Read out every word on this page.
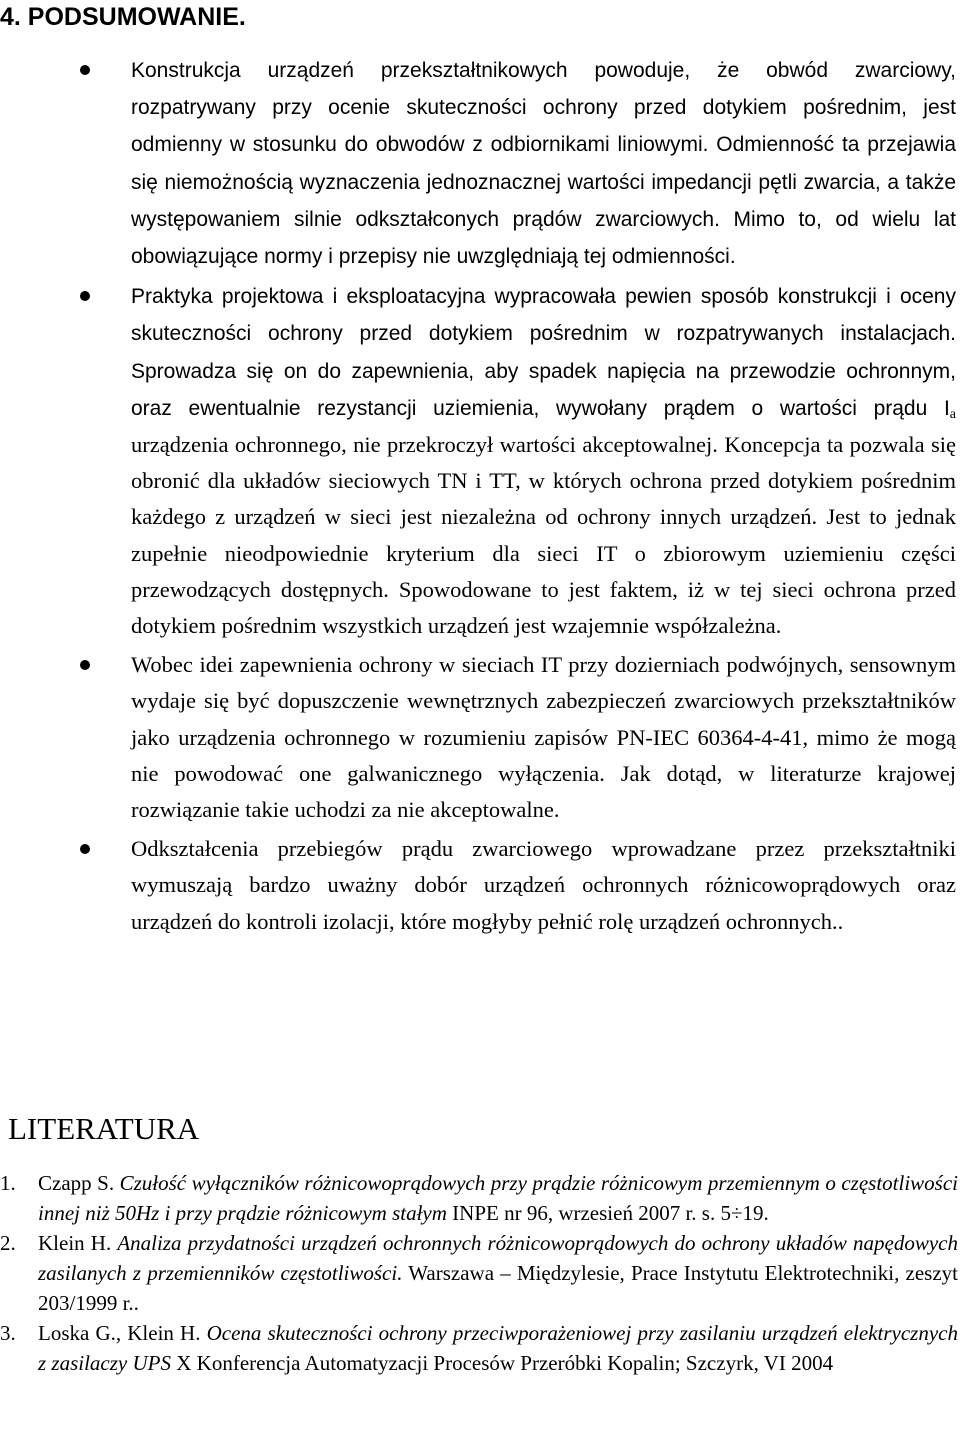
4. PODSUMOWANIE.
Konstrukcja urządzeń przekształtnikowych powoduje, że obwód zwarciowy, rozpatrywany przy ocenie skuteczności ochrony przed dotykiem pośrednim, jest odmienny w stosunku do obwodów z odbiornikami liniowymi. Odmienność ta przejawia się niemożnością wyznaczenia jednoznacznej wartości impedancji pętli zwarcia, a także występowaniem silnie odkształconych prądów zwarciowych. Mimo to, od wielu lat obowiązujące normy i przepisy nie uwzględniają tej odmienności.
Praktyka projektowa i eksploatacyjna wypracowała pewien sposób konstrukcji i oceny skuteczności ochrony przed dotykiem pośrednim w rozpatrywanych instalacjach. Sprowadza się on do zapewnienia, aby spadek napięcia na przewodzie ochronnym, oraz ewentualnie rezystancji uziemienia, wywołany prądem o wartości prądu $I_a$ urządzenia ochronnego, nie przekroczył wartości akceptowalnej. Koncepcja ta pozwala się obronić dla układów sieciowych TN i TT, w których ochrona przed dotykiem pośrednim każdego z urządzeń w sieci jest niezależna od ochrony innych urządzeń. Jest to jednak zupełnie nieodpowiednie kryterium dla sieci IT o zbiorowym uziemieniu części przewodzących dostępnych. Spowodowane to jest faktem, iż w tej sieci ochrona przed dotykiem pośrednim wszystkich urządzeń jest wzajemnie współzależna.
Wobec idei zapewnienia ochrony w sieciach IT przy dozierniach podwójnych, sensownym wydaje się być dopuszczenie wewnętrznych zabezpieczeń zwarciowych przekształtników jako urządzenia ochronnego w rozumieniu zapisów PN-IEC 60364-4-41, mimo że mogą nie powodować one galwanicznego wyłączenia. Jak dotąd, w literaturze krajowej rozwiązanie takie uchodzi za nie akceptowalne.
Odkształcenia przebiegów prądu zwarciowego wprowadzane przez przekształtniki wymuszają bardzo uważny dobór urządzeń ochronnych różnicowoprądowych oraz urządzeń do kontroli izolacji, które mogłyby pełnić rolę urządzeń ochronnych..
LITERATURA
1. Czapp S. Czułość wyłączników różnicowoprądowych przy prądzie różnicowym przemiennym o częstotliwości innej niż 50Hz i przy prądzie różnicowym stałym INPE nr 96, wrzesień 2007 r. s. 5÷19.
2. Klein H. Analiza przydatności urządzeń ochronnych różnicowoprądowych do ochrony układów napędowych zasilanych z przemienników częstotliwości. Warszawa – Międzylesie, Prace Instytutu Elektrotechniki, zeszyt 203/1999 r..
3. Loska G., Klein H. Ocena skuteczności ochrony przeciwporażeniowej przy zasilaniu urządzeń elektrycznych z zasilaczy UPS X Konferencja Automatyzacji Procesów Przeróbki Kopalin; Szczyrk, VI 2004
